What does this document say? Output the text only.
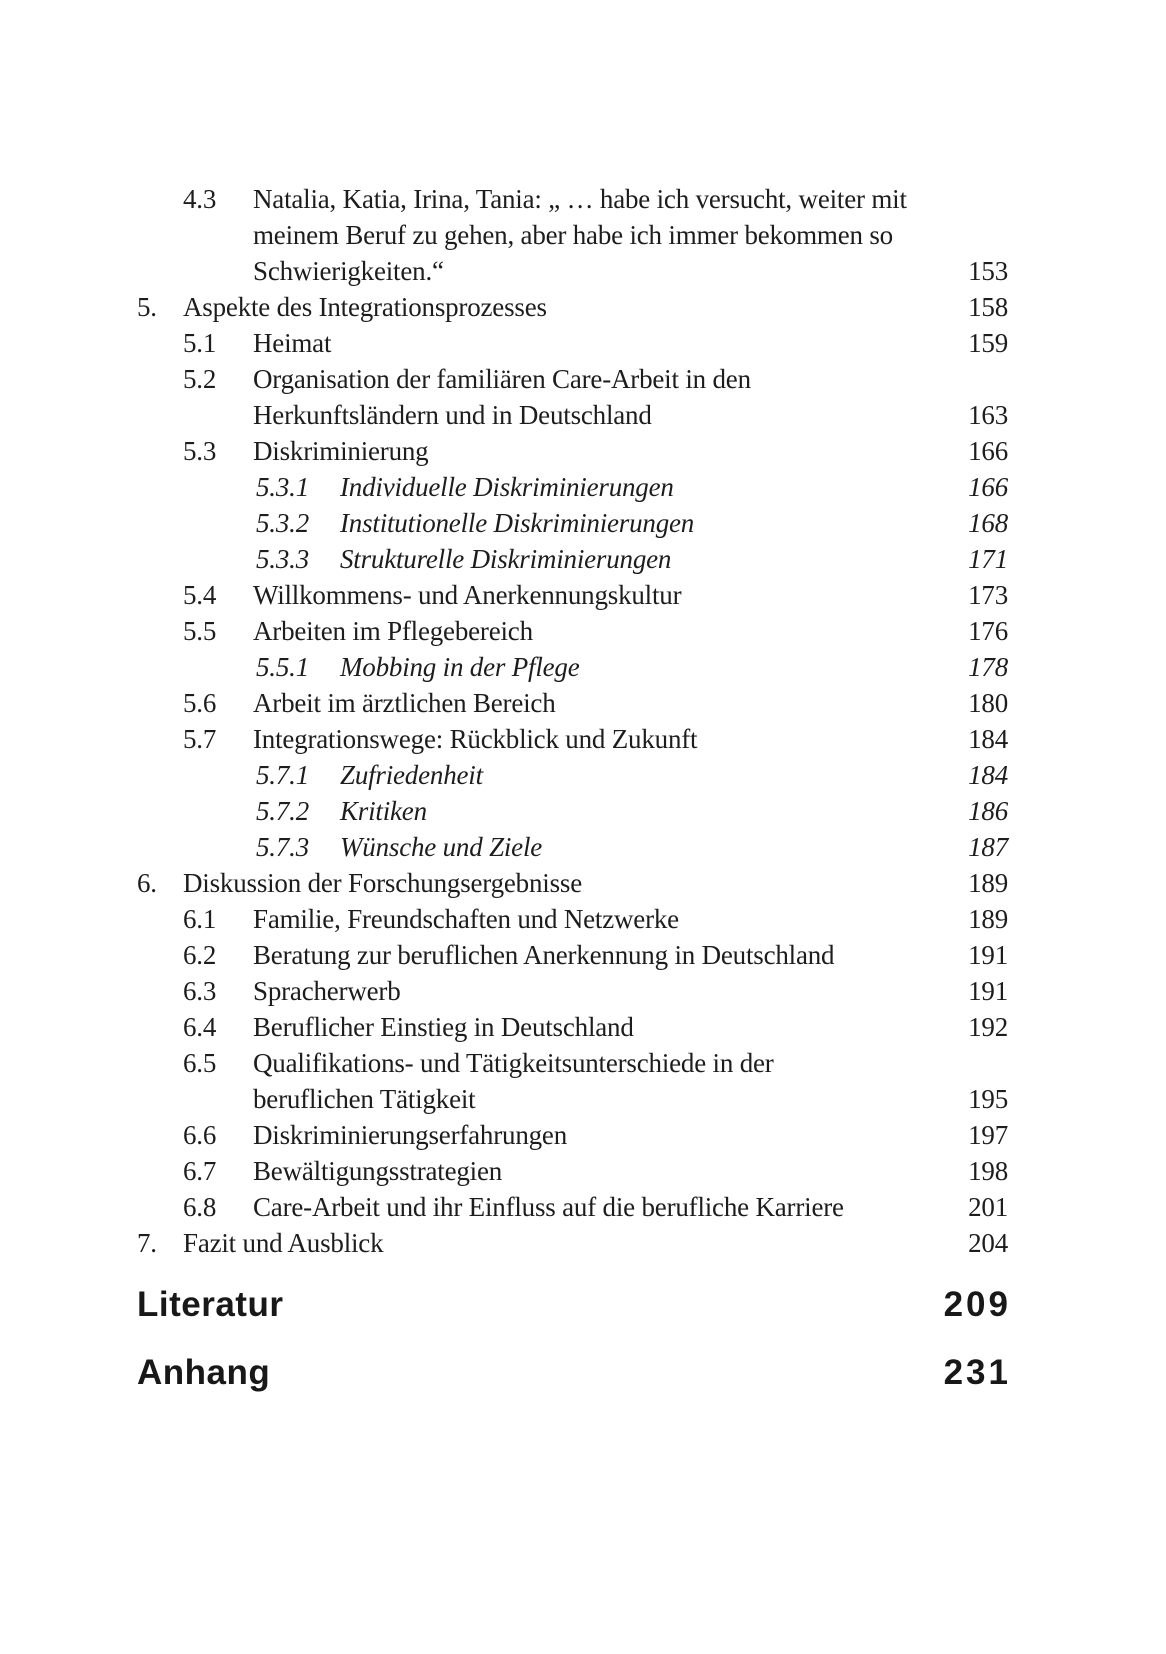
4.3 Natalia, Katia, Irina, Tania: „ … habe ich versucht, weiter mit
meinem Beruf zu gehen, aber habe ich immer bekommen so
Schwierigkeiten.“	153
5. Aspekte des Integrationsprozesses	158
5.1 Heimat	159
5.2 Organisation der familiären Care-Arbeit in den
Herkunftsländern und in Deutschland	163
5.3 Diskriminierung	166
5.3.1 Individuelle Diskriminierungen	166
5.3.2 Institutionelle Diskriminierungen	168
5.3.3 Strukturelle Diskriminierungen	171
5.4 Willkommens- und Anerkennungskultur	173
5.5 Arbeiten im Pflegebereich	176
5.5.1 Mobbing in der Pflege	178
5.6 Arbeit im ärztlichen Bereich	180
5.7 Integrationswege: Rückblick und Zukunft	184
5.7.1 Zufriedenheit	184
5.7.2 Kritiken	186
5.7.3 Wünsche und Ziele	187
6. Diskussion der Forschungsergebnisse	189
6.1 Familie, Freundschaften und Netzwerke	189
6.2 Beratung zur beruflichen Anerkennung in Deutschland	191
6.3 Spracherwerb	191
6.4 Beruflicher Einstieg in Deutschland	192
6.5 Qualifikations- und Tätigkeitsunterschiede in der
beruflichen Tätigkeit	195
6.6 Diskriminierungserfahrungen	197
6.7 Bewältigungsstrategien	198
6.8 Care-Arbeit und ihr Einfluss auf die berufliche Karriere	201
7. Fazit und Ausblick	204
Literatur	209
Anhang	231
